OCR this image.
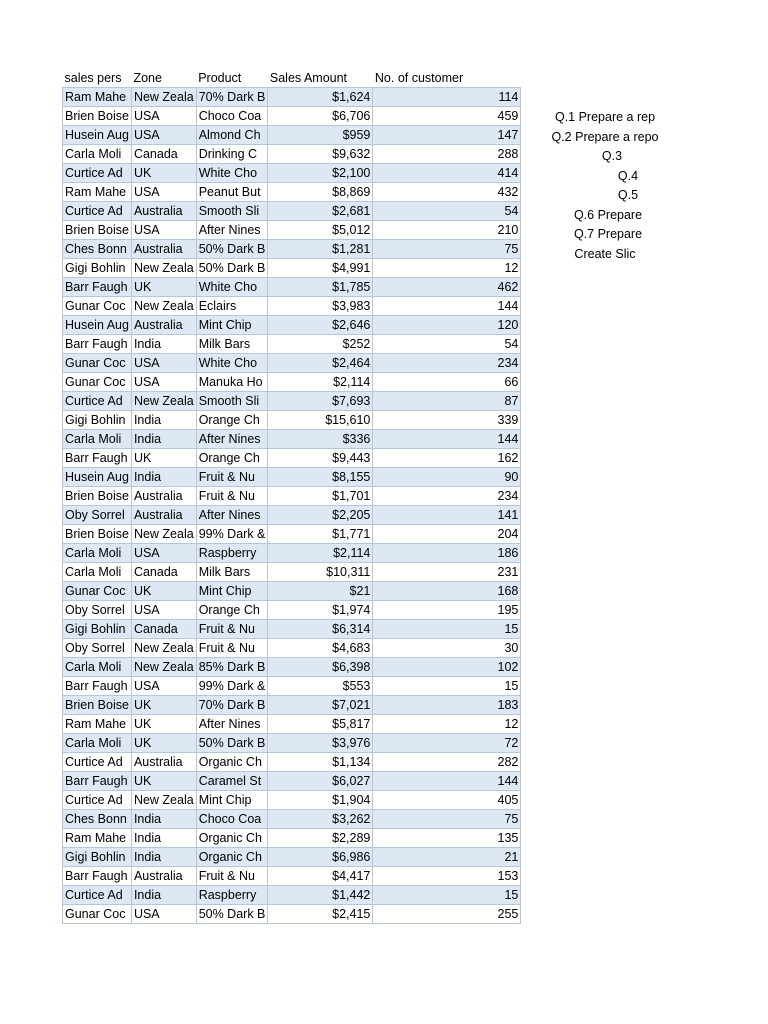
sales pers	Zone	Product	Sales Amount	No. of customer
Ram Mahe	New Zeala	70% Dark B	$1,624	114
Brien Boise	USA	Choco Coa	$6,706	459
Husein Aug	USA	Almond Ch	$959	147
Carla Moli	Canada	Drinking C	$9,632	288
Curtice Ad	UK	White Cho	$2,100	414
Ram Mahe	USA	Peanut But	$8,869	432
Curtice Ad	Australia	Smooth Sli	$2,681	54
Brien Boise	USA	After Nines	$5,012	210
Ches Bonn	Australia	50% Dark B	$1,281	75
Gigi Bohlin	New Zeala	50% Dark B	$4,991	12
Barr Faugh	UK	White Cho	$1,785	462
Gunar Coc	New Zeala	Eclairs	$3,983	144
Husein Aug	Australia	Mint Chip	$2,646	120
Barr Faugh	India	Milk Bars	$252	54
Gunar Coc	USA	White Cho	$2,464	234
Gunar Coc	USA	Manuka Ho	$2,114	66
Curtice Ad	New Zeala	Smooth Sli	$7,693	87
Gigi Bohlin	India	Orange Ch	$15,610	339
Carla Moli	India	After Nines	$336	144
Barr Faugh	UK	Orange Ch	$9,443	162
Husein Aug	India	Fruit & Nu	$8,155	90
Brien Boise	Australia	Fruit & Nu	$1,701	234
Oby Sorrel	Australia	After Nines	$2,205	141
Brien Boise	New Zeala	99% Dark &	$1,771	204
Carla Moli	USA	Raspberry	$2,114	186
Carla Moli	Canada	Milk Bars	$10,311	231
Gunar Coc	UK	Mint Chip	$21	168
Oby Sorrel	USA	Orange Ch	$1,974	195
Gigi Bohlin	Canada	Fruit & Nu	$6,314	15
Oby Sorrel	New Zeala	Fruit & Nu	$4,683	30
Carla Moli	New Zeala	85% Dark B	$6,398	102
Barr Faugh	USA	99% Dark &	$553	15
Brien Boise	UK	70% Dark B	$7,021	183
Ram Mahe	UK	After Nines	$5,817	12
Carla Moli	UK	50% Dark B	$3,976	72
Curtice Ad	Australia	Organic Ch	$1,134	282
Barr Faugh	UK	Caramel St	$6,027	144
Curtice Ad	New Zeala	Mint Chip	$1,904	405
Ches Bonn	India	Choco Coa	$3,262	75
Ram Mahe	India	Organic Ch	$2,289	135
Gigi Bohlin	India	Organic Ch	$6,986	21
Barr Faugh	Australia	Fruit & Nu	$4,417	153
Curtice Ad	India	Raspberry	$1,442	15
Gunar Coc	USA	50% Dark B	$2,415	255
Q.1 Prepare a rep
Q.2 Prepare a repo
Q.3
Q.4
Q.5
Q.6 Prepare
Q.7 Prepare
Create Slic
